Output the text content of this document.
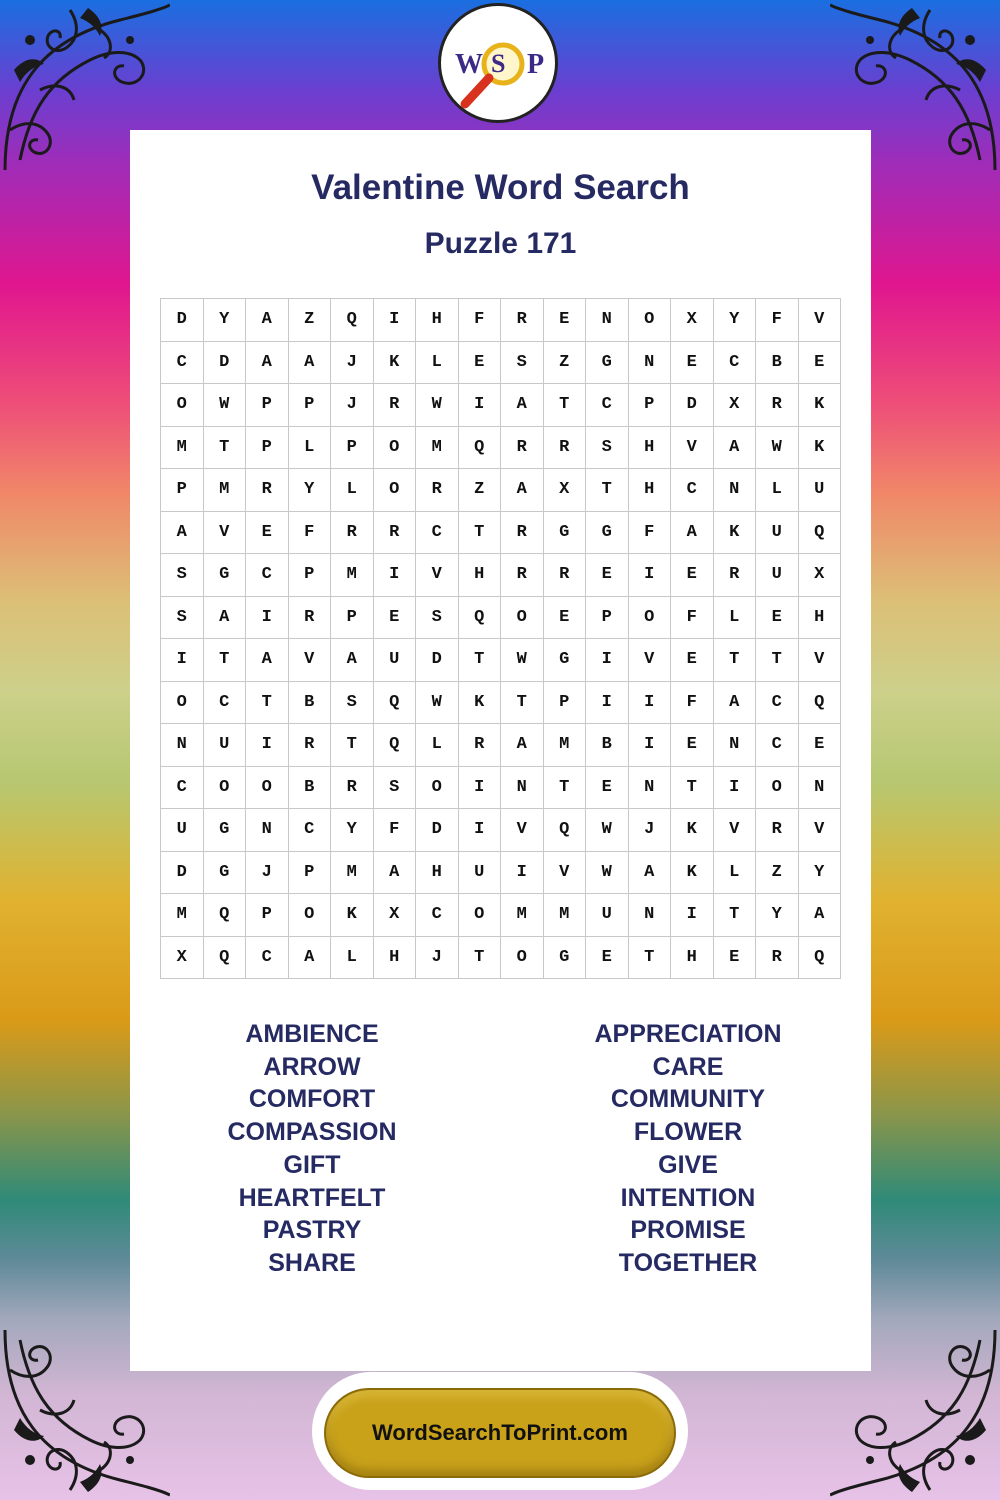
W S P
Valentine Word Search
Puzzle 171
D	Y	A	Z	Q	I	H	F	R	E	N	O	X	Y	F	V
C	D	A	A	J	K	L	E	S	Z	G	N	E	C	B	E
O	W	P	P	J	R	W	I	A	T	C	P	D	X	R	K
M	T	P	L	P	O	M	Q	R	R	S	H	V	A	W	K
P	M	R	Y	L	O	R	Z	A	X	T	H	C	N	L	U
A	V	E	F	R	R	C	T	R	G	G	F	A	K	U	Q
S	G	C	P	M	I	V	H	R	R	E	I	E	R	U	X
S	A	I	R	P	E	S	Q	O	E	P	O	F	L	E	H
I	T	A	V	A	U	D	T	W	G	I	V	E	T	T	V
O	C	T	B	S	Q	W	K	T	P	I	I	F	A	C	Q
N	U	I	R	T	Q	L	R	A	M	B	I	E	N	C	E
C	O	O	B	R	S	O	I	N	T	E	N	T	I	O	N
U	G	N	C	Y	F	D	I	V	Q	W	J	K	V	R	V
D	G	J	P	M	A	H	U	I	V	W	A	K	L	Z	Y
M	Q	P	O	K	X	C	O	M	M	U	N	I	T	Y	A
X	Q	C	A	L	H	J	T	O	G	E	T	H	E	R	Q
AMBIENCE
ARROW
COMFORT
COMPASSION
GIFT
HEARTFELT
PASTRY
SHARE
APPRECIATION
CARE
COMMUNITY
FLOWER
GIVE
INTENTION
PROMISE
TOGETHER
WordSearchToPrint.com
